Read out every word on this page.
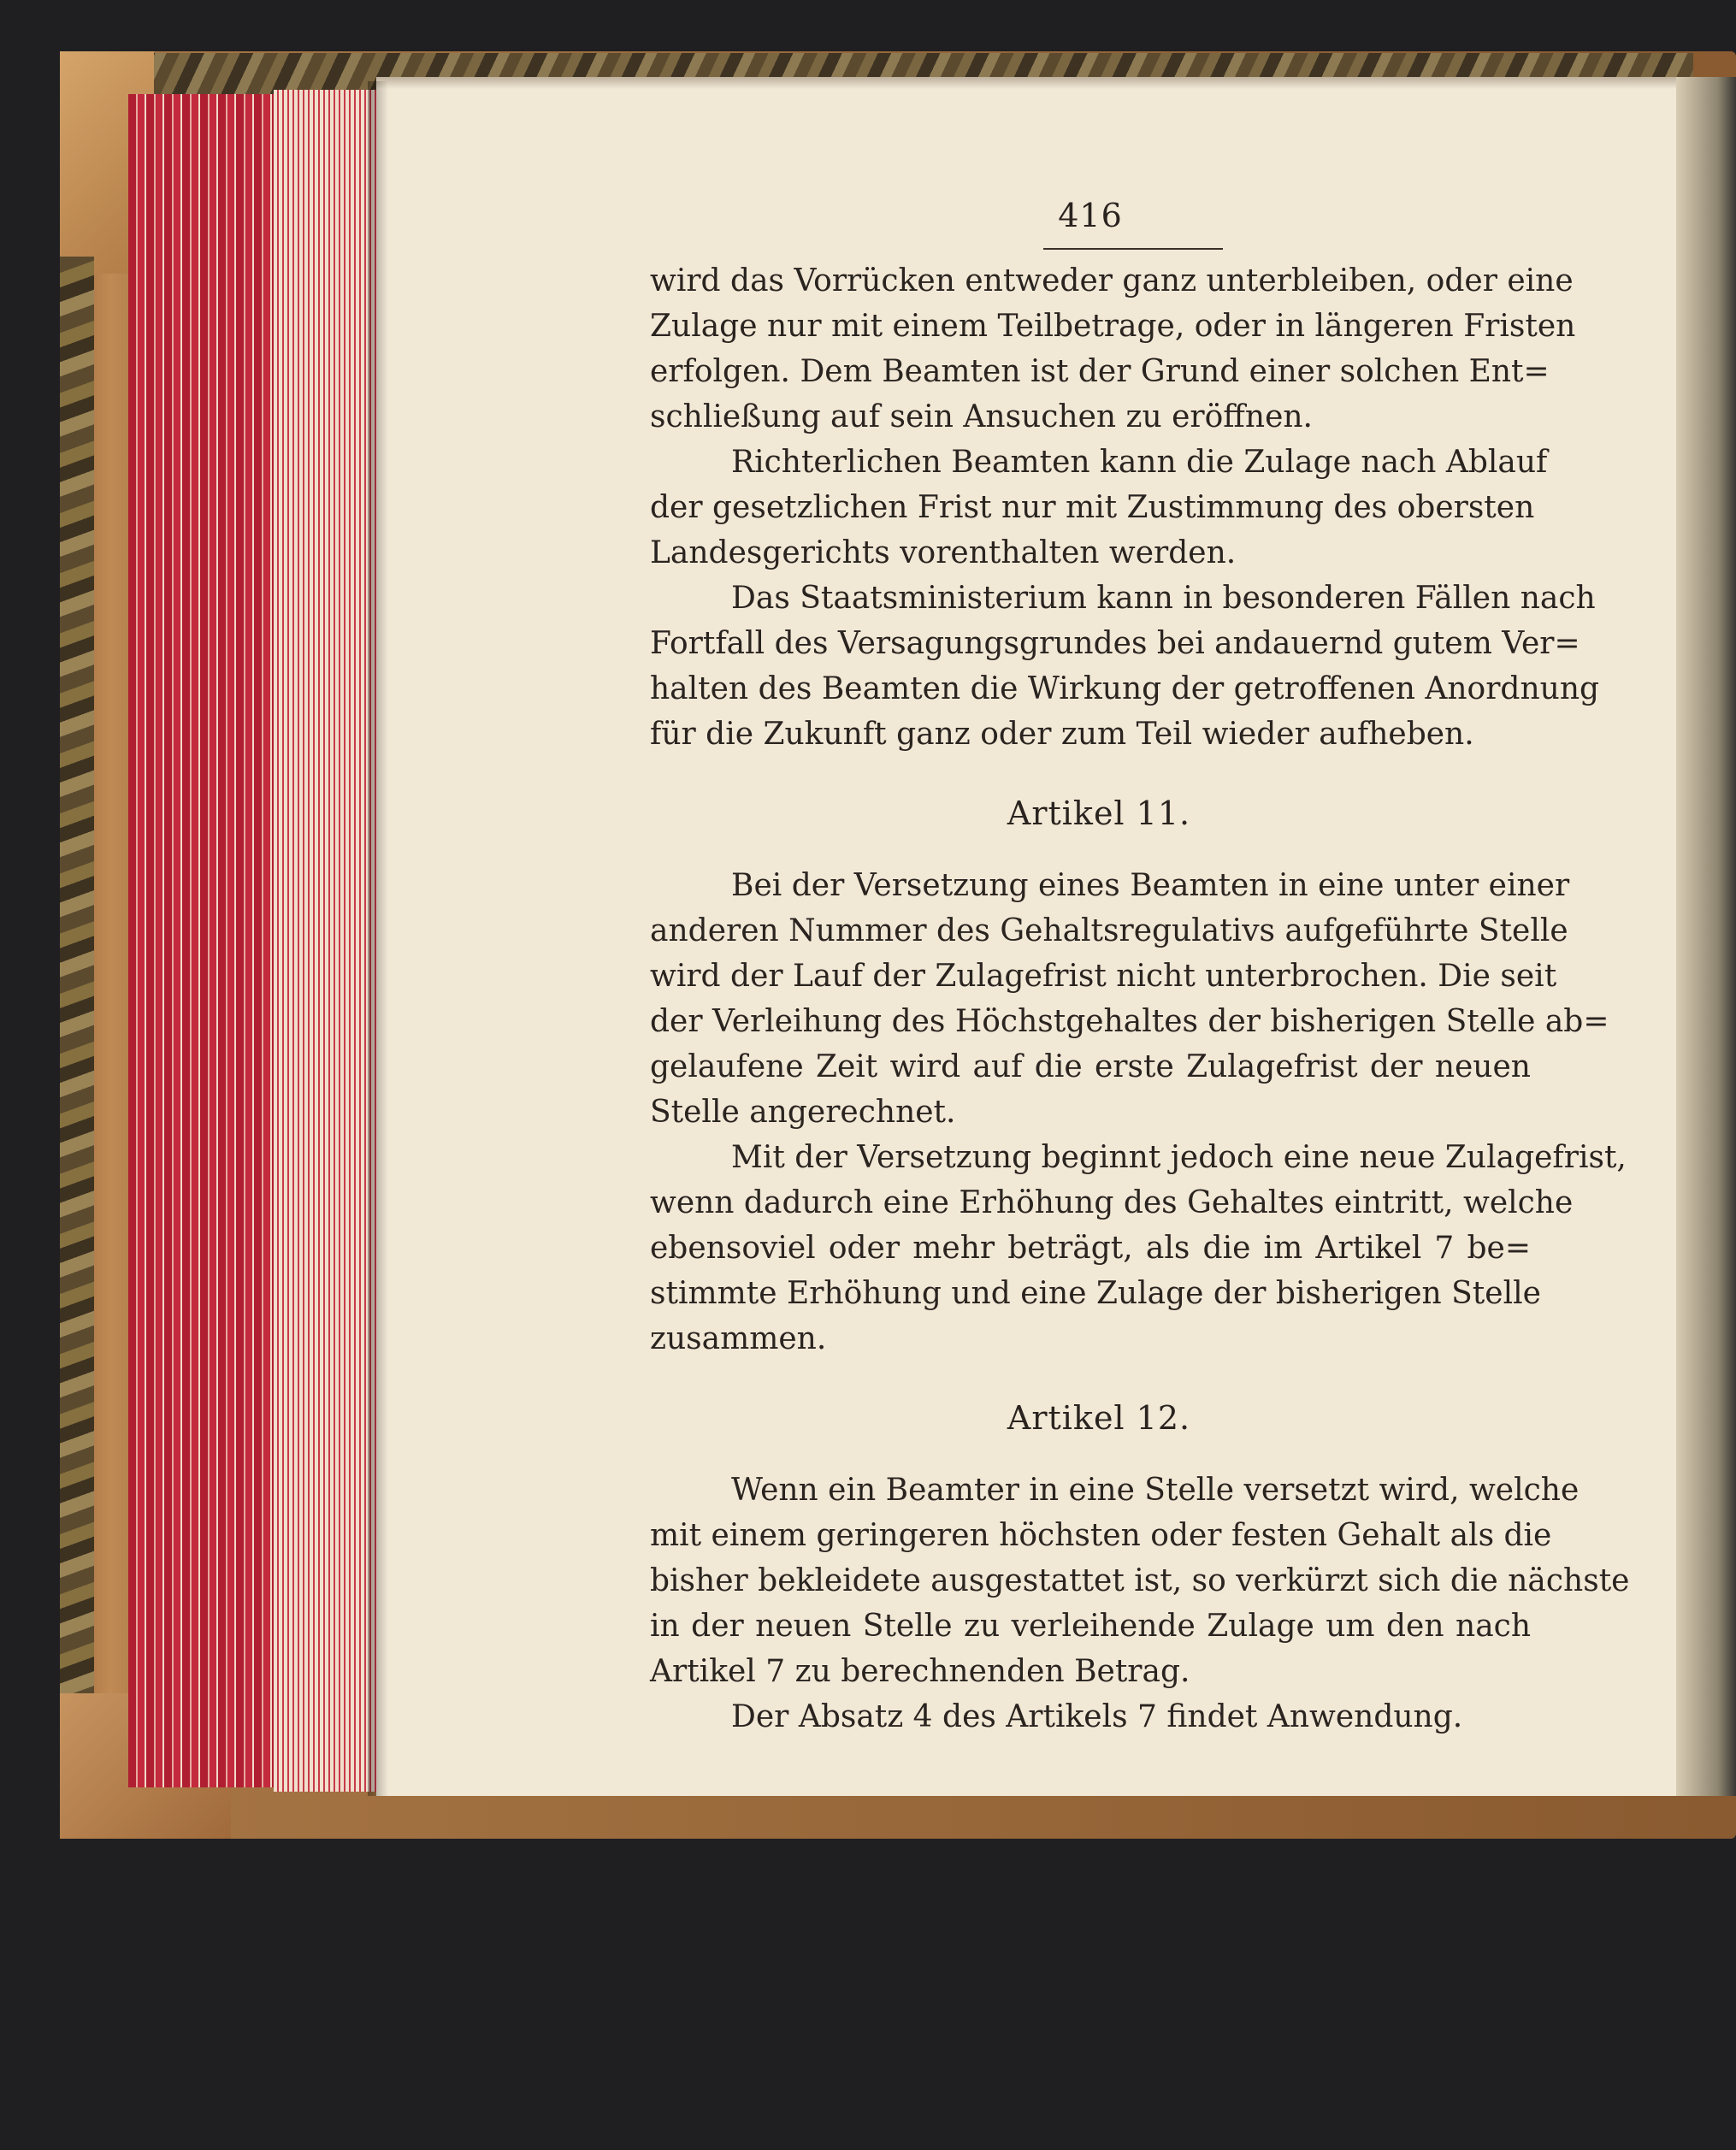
416

wird das Vorrücken entweder ganz unterbleiben, oder eine
Zulage nur mit einem Teilbetrage, oder in längeren Fristen
erfolgen. Dem Beamten ist der Grund einer solchen Ent=
schließung auf sein Ansuchen zu eröffnen.

Richterlichen Beamten kann die Zulage nach Ablauf
der gesetzlichen Frist nur mit Zustimmung des obersten
Landesgerichts vorenthalten werden.

Das Staatsministerium kann in besonderen Fällen nach
Fortfall des Versagungsgrundes bei andauernd gutem Ver=
halten des Beamten die Wirkung der getroffenen Anordnung
für die Zukunft ganz oder zum Teil wieder aufheben.

Artikel 11.

Bei der Versetzung eines Beamten in eine unter einer
anderen Nummer des Gehaltsregulativs aufgeführte Stelle
wird der Lauf der Zulagefrist nicht unterbrochen. Die seit
der Verleihung des Höchstgehaltes der bisherigen Stelle ab=
gelaufene Zeit wird auf die erste Zulagefrist der neuen
Stelle angerechnet.

Mit der Versetzung beginnt jedoch eine neue Zulagefrist,
wenn dadurch eine Erhöhung des Gehaltes eintritt, welche
ebensoviel oder mehr beträgt, als die im Artikel 7 be=
stimmte Erhöhung und eine Zulage der bisherigen Stelle
zusammen.

Artikel 12.

Wenn ein Beamter in eine Stelle versetzt wird, welche
mit einem geringeren höchsten oder festen Gehalt als die
bisher bekleidete ausgestattet ist, so verkürzt sich die nächste
in der neuen Stelle zu verleihende Zulage um den nach
Artikel 7 zu berechnenden Betrag.

Der Absatz 4 des Artikels 7 findet Anwendung.
